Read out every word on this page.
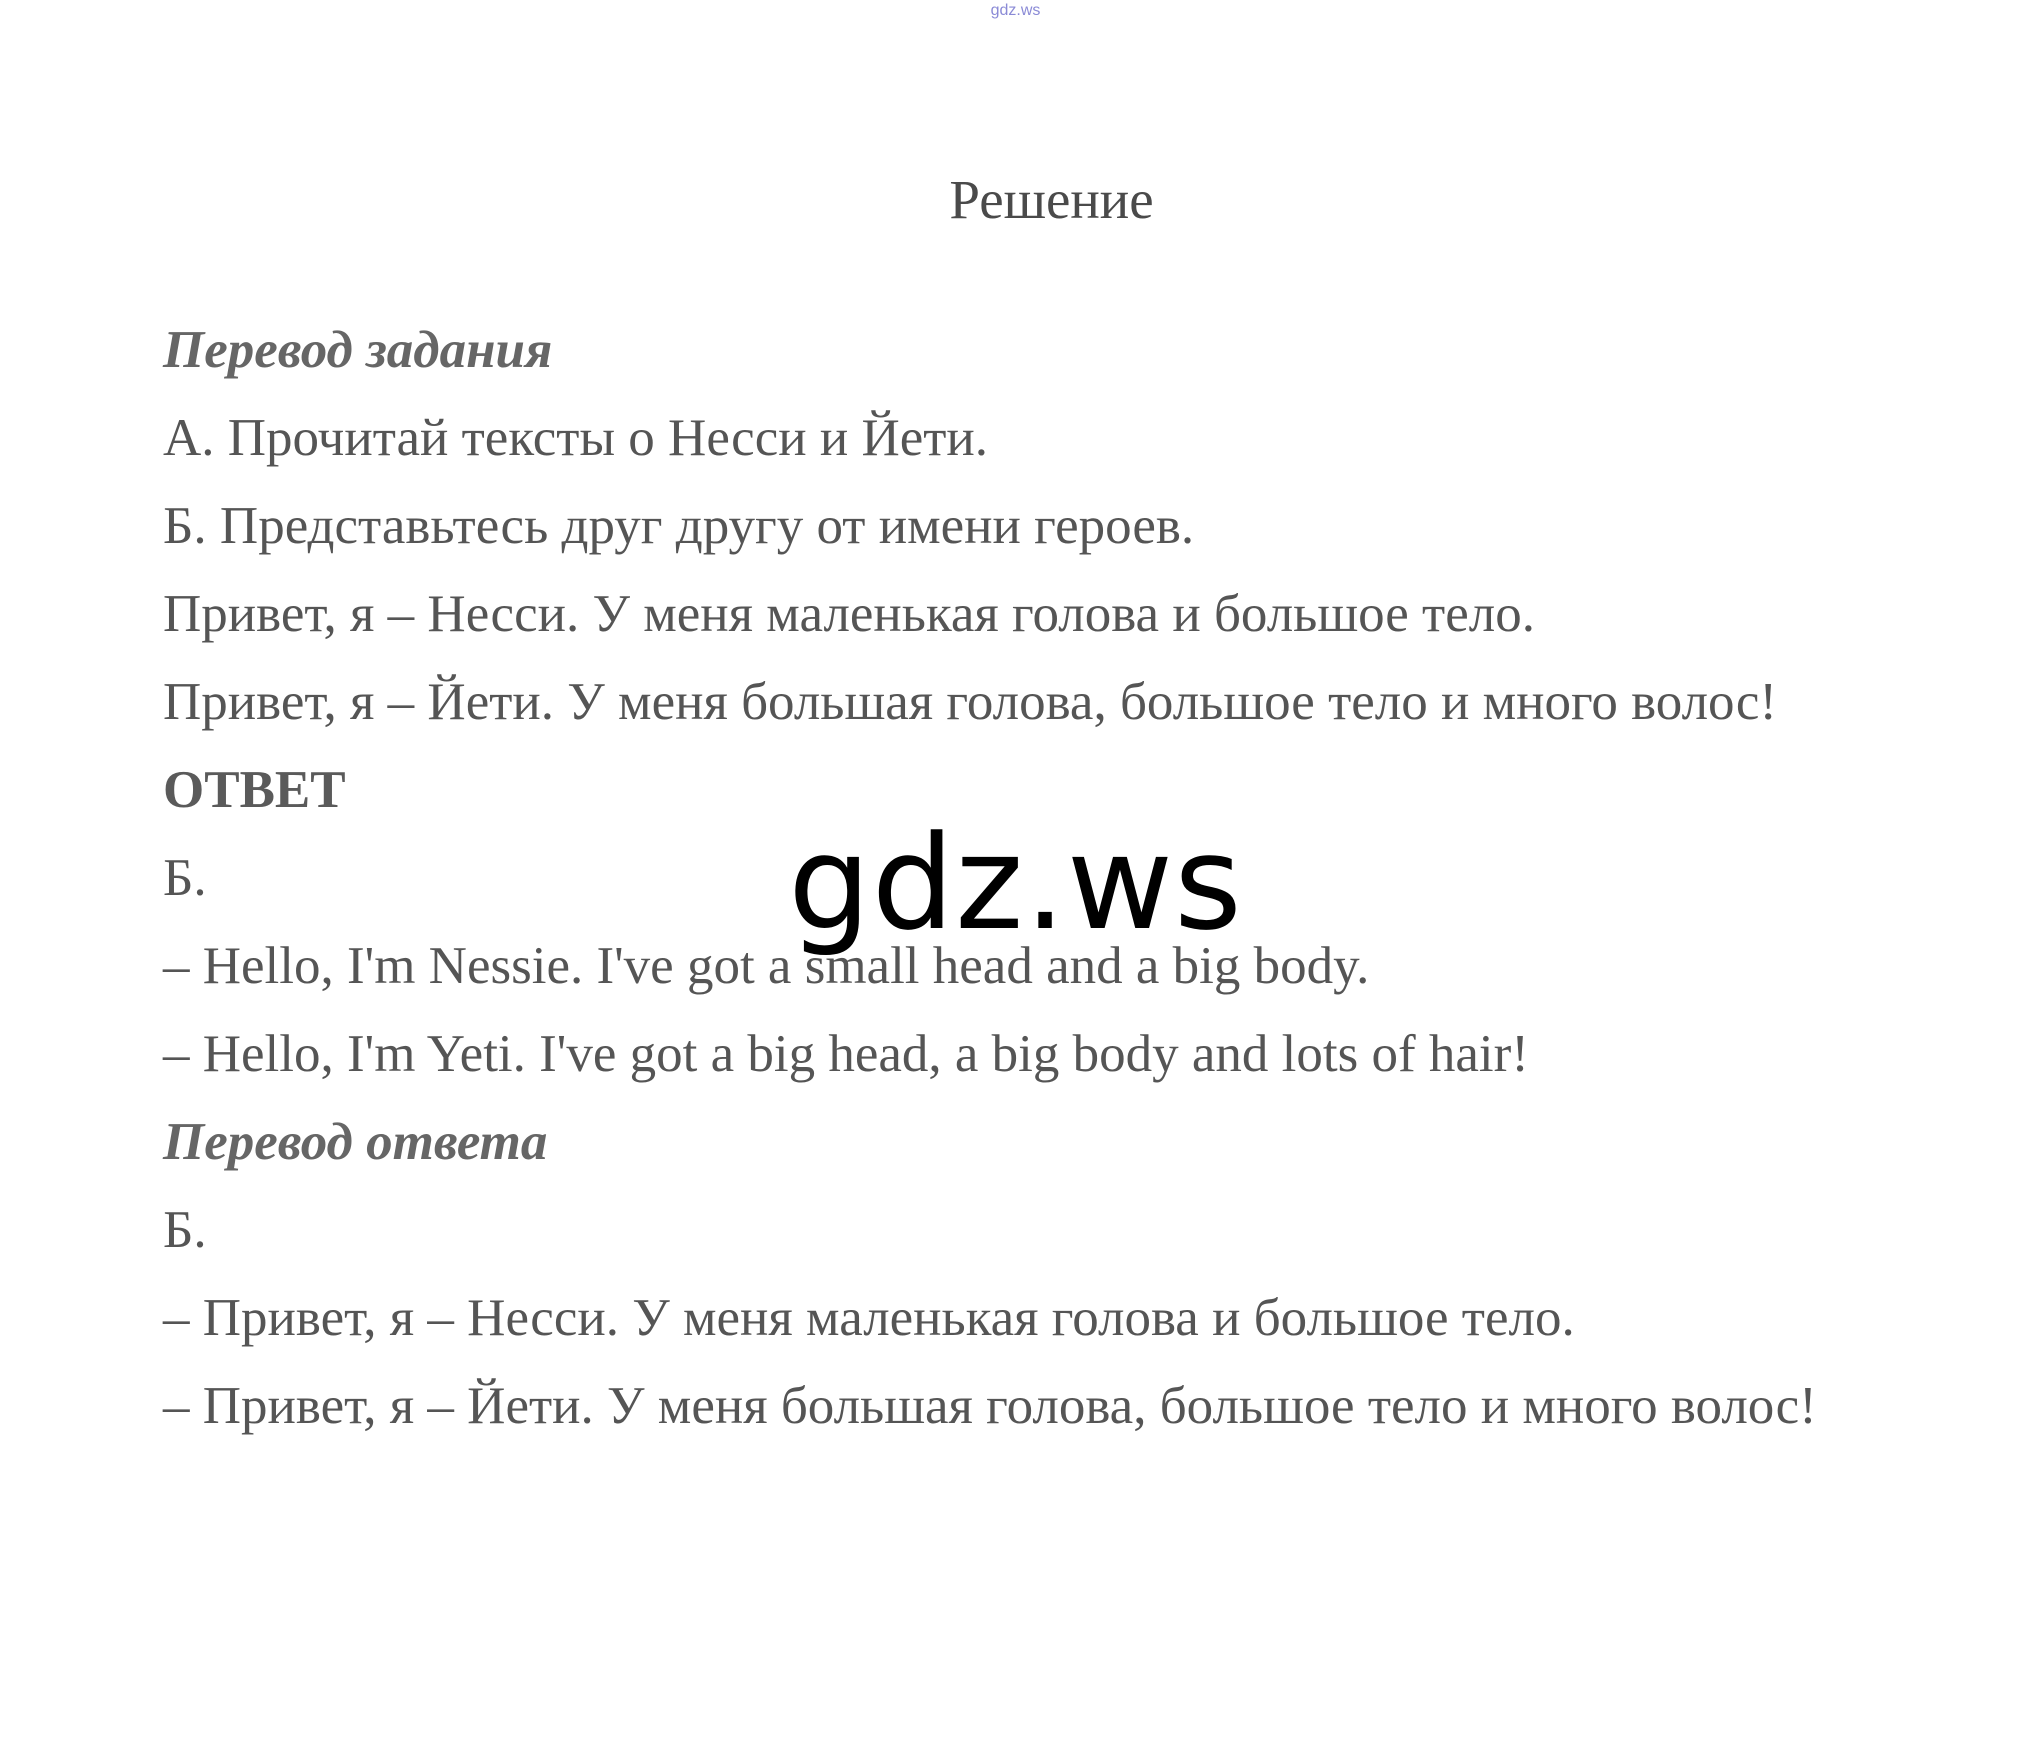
gdz.ws
Решение
Перевод задания
А. Прочитай тексты о Несси и Йети.
Б. Представьтесь друг другу от имени героев.
Привет, я – Несси. У меня маленькая голова и большое тело.
Привет, я – Йети. У меня большая голова, большое тело и много волос!
ОТВЕТ
Б.
– Hello, I'm Nessie. I've got a small head and a big body.
– Hello, I'm Yeti. I've got a big head, a big body and lots of hair!
Перевод ответа
Б.
– Привет, я – Несси. У меня маленькая голова и большое тело.
– Привет, я – Йети. У меня большая голова, большое тело и много волос!
gdz.ws
